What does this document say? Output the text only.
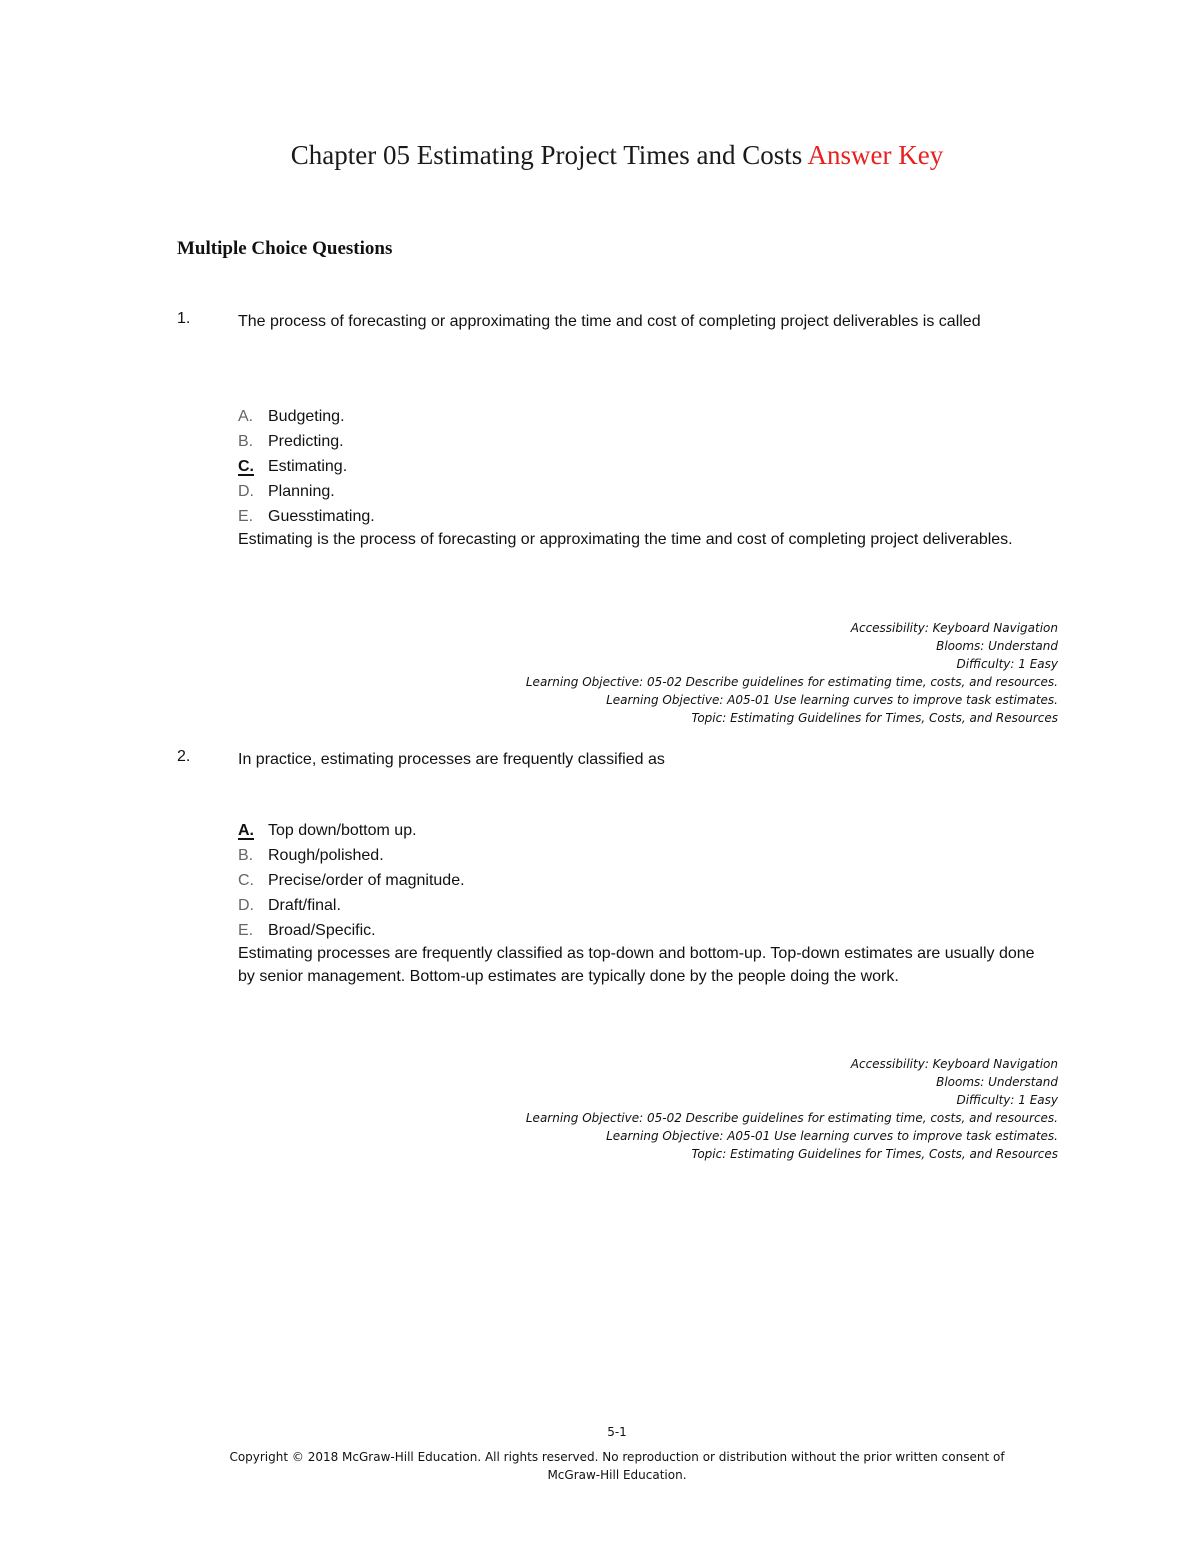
Chapter 05 Estimating Project Times and Costs Answer Key
Multiple Choice Questions
1.	The process of forecasting or approximating the time and cost of completing project deliverables is called
A. Budgeting.
B. Predicting.
C. Estimating.
D. Planning.
E. Guesstimating.
Estimating is the process of forecasting or approximating the time and cost of completing project deliverables.
Accessibility: Keyboard Navigation
Blooms: Understand
Difficulty: 1 Easy
Learning Objective: 05-02 Describe guidelines for estimating time, costs, and resources.
Learning Objective: A05-01 Use learning curves to improve task estimates.
Topic: Estimating Guidelines for Times, Costs, and Resources
2.	In practice, estimating processes are frequently classified as
A. Top down/bottom up.
B. Rough/polished.
C. Precise/order of magnitude.
D. Draft/final.
E. Broad/Specific.
Estimating processes are frequently classified as top-down and bottom-up. Top-down estimates are usually done by senior management. Bottom-up estimates are typically done by the people doing the work.
Accessibility: Keyboard Navigation
Blooms: Understand
Difficulty: 1 Easy
Learning Objective: 05-02 Describe guidelines for estimating time, costs, and resources.
Learning Objective: A05-01 Use learning curves to improve task estimates.
Topic: Estimating Guidelines for Times, Costs, and Resources
5-1
Copyright © 2018 McGraw-Hill Education. All rights reserved. No reproduction or distribution without the prior written consent of
McGraw-Hill Education.
